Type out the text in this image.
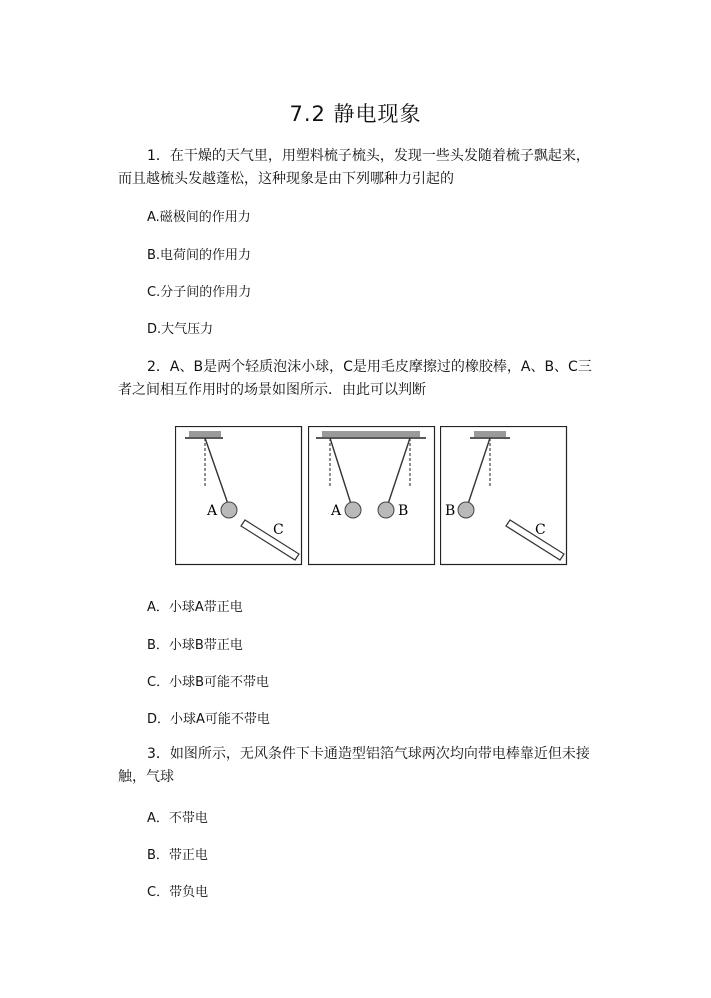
7.2 静电现象

1．在干燥的天气里，用塑料梳子梳头，发现一些头发随着梳子飘起来，而且越梳头发越蓬松，这种现象是由下列哪种力引起的

A.磁极间的作用力
B.电荷间的作用力
C.分子间的作用力
D.大气压力

2．A、B是两个轻质泡沫小球，C是用毛皮摩擦过的橡胶棒，A、B、C三者之间相互作用时的场景如图所示．由此可以判断

A
C
A	B	B
C
A．小球A带正电
B．小球B带正电
C．小球B可能不带电
D．小球A可能不带电

3．如图所示，无风条件下卡通造型铝箔气球两次均向带电棒靠近但未接触，气球

A．不带电
B．带正电
C．带负电
